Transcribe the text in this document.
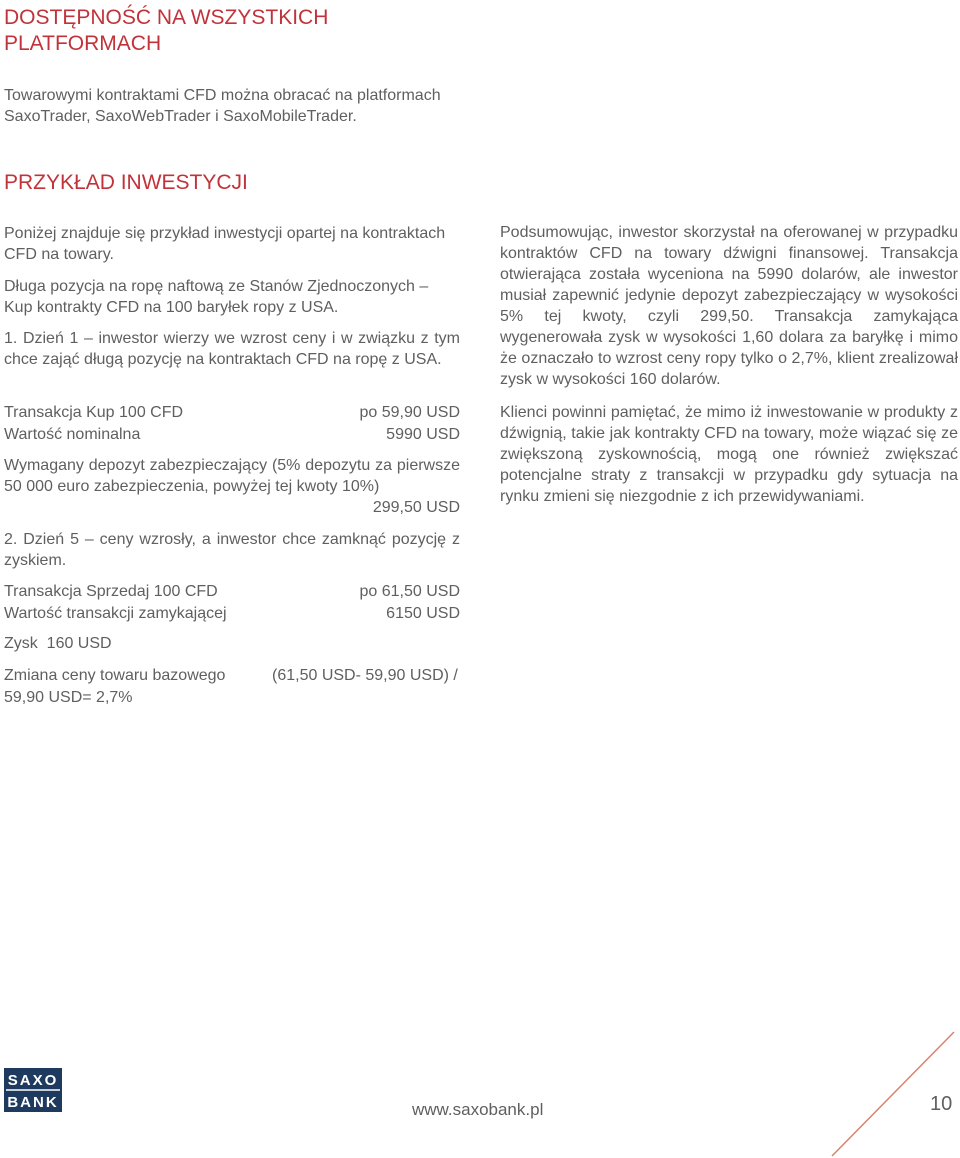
DOSTĘPNOŚĆ NA WSZYSTKICH
PLATFORMACH

Towarowymi kontraktami CFD można obracać na platformach SaxoTrader, SaxoWebTrader i SaxoMobileTrader.

PRZYKŁAD INWESTYCJI

Poniżej znajduje się przykład inwestycji opartej na kontraktach CFD na towary.

Długa pozycja na ropę naftową ze Stanów Zjednoczonych – Kup kontrakty CFD na 100 baryłek ropy z USA.

1. Dzień 1 – inwestor wierzy we wzrost ceny i w związku z tym chce zająć długą pozycję na kontraktach CFD na ropę z USA.

Transakcja Kup 100 CFD	po 59,90 USD
Wartość nominalna	5990 USD

Wymagany depozyt zabezpieczający (5% depozytu za pierwsze 50 000 euro zabezpieczenia, powyżej tej kwoty 10%)

299,50 USD

2. Dzień 5 – ceny wzrosły, a inwestor chce zamknąć pozycję z zyskiem.

Transakcja Sprzedaj 100 CFD	po 61,50 USD
Wartość transakcji zamykającej	6150 USD
Zysk  160 USD
Zmiana ceny towaru bazowego	(61,50 USD- 59,90 USD) /
59,90 USD= 2,7%

Podsumowując, inwestor skorzystał na oferowanej w przypadku kontraktów CFD na towary dźwigni finansowej. Transakcja otwierająca została wyceniona na 5990 dolarów, ale inwestor musiał zapewnić jedynie depozyt zabezpieczający w wysokości 5% tej kwoty, czyli 299,50. Transakcja zamykająca wygenerowała zysk w wysokości 1,60 dolara za baryłkę i mimo że oznaczało to wzrost ceny ropy tylko o 2,7%, klient zrealizował zysk w wysokości 160 dolarów.

Klienci powinni pamiętać, że mimo iż inwestowanie w produkty z dźwignią, takie jak kontrakty CFD na towary, może wiązać się ze zwiększoną zyskownością, mogą one również zwiększać potencjalne straty z transakcji w przypadku gdy sytuacja na rynku zmieni się niezgodnie z ich przewidywaniami.

SAXO
BANK	www.saxobank.pl	10
